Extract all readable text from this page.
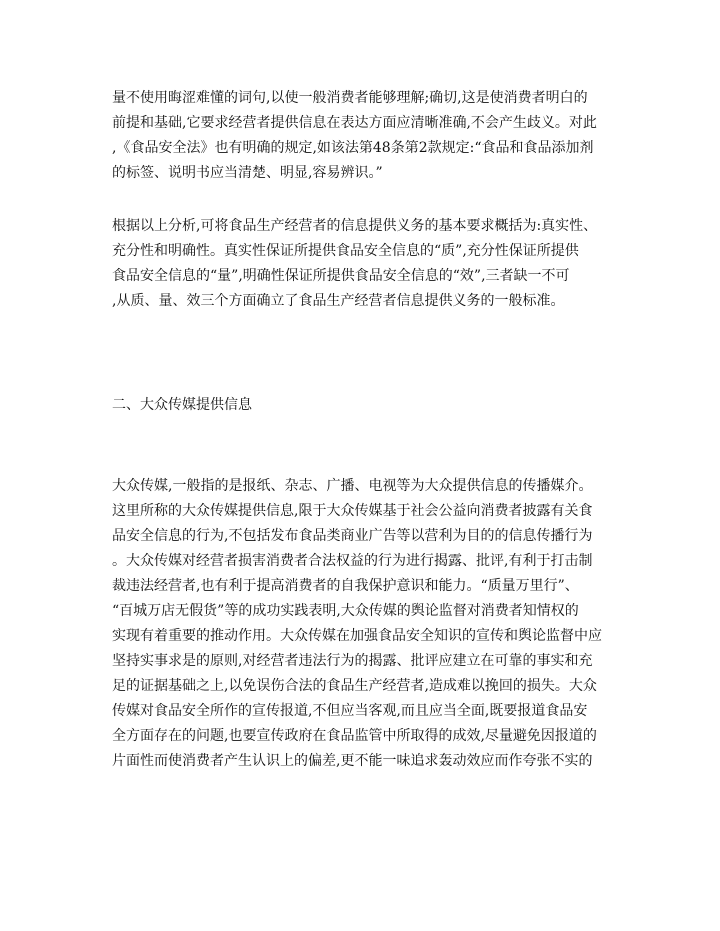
量不使用晦涩难懂的词句,以使一般消费者能够理解;确切,这是使消费者明白的
前提和基础,它要求经营者提供信息在表达方面应清晰准确,不会产生歧义。对此
,《食品安全法》也有明确的规定,如该法第48条第2款规定:“食品和食品添加剂
的标签、说明书应当清楚、明显,容易辨识。”
根据以上分析,可将食品生产经营者的信息提供义务的基本要求概括为:真实性、
充分性和明确性。真实性保证所提供食品安全信息的“质”,充分性保证所提供
食品安全信息的“量”,明确性保证所提供食品安全信息的“效”,三者缺一不可
,从质、量、效三个方面确立了食品生产经营者信息提供义务的一般标准。
二、大众传媒提供信息
大众传媒,一般指的是报纸、杂志、广播、电视等为大众提供信息的传播媒介。
这里所称的大众传媒提供信息,限于大众传媒基于社会公益向消费者披露有关食
品安全信息的行为,不包括发布食品类商业广告等以营利为目的的信息传播行为
。大众传媒对经营者损害消费者合法权益的行为进行揭露、批评,有利于打击制
裁违法经营者,也有利于提高消费者的自我保护意识和能力。“质量万里行”、
“百城万店无假货”等的成功实践表明,大众传媒的舆论监督对消费者知情权的
实现有着重要的推动作用。大众传媒在加强食品安全知识的宣传和舆论监督中应
坚持实事求是的原则,对经营者违法行为的揭露、批评应建立在可靠的事实和充
足的证据基础之上,以免误伤合法的食品生产经营者,造成难以挽回的损失。大众
传媒对食品安全所作的宣传报道,不但应当客观,而且应当全面,既要报道食品安
全方面存在的问题,也要宣传政府在食品监管中所取得的成效,尽量避免因报道的
片面性而使消费者产生认识上的偏差,更不能一味追求轰动效应而作夸张不实的
